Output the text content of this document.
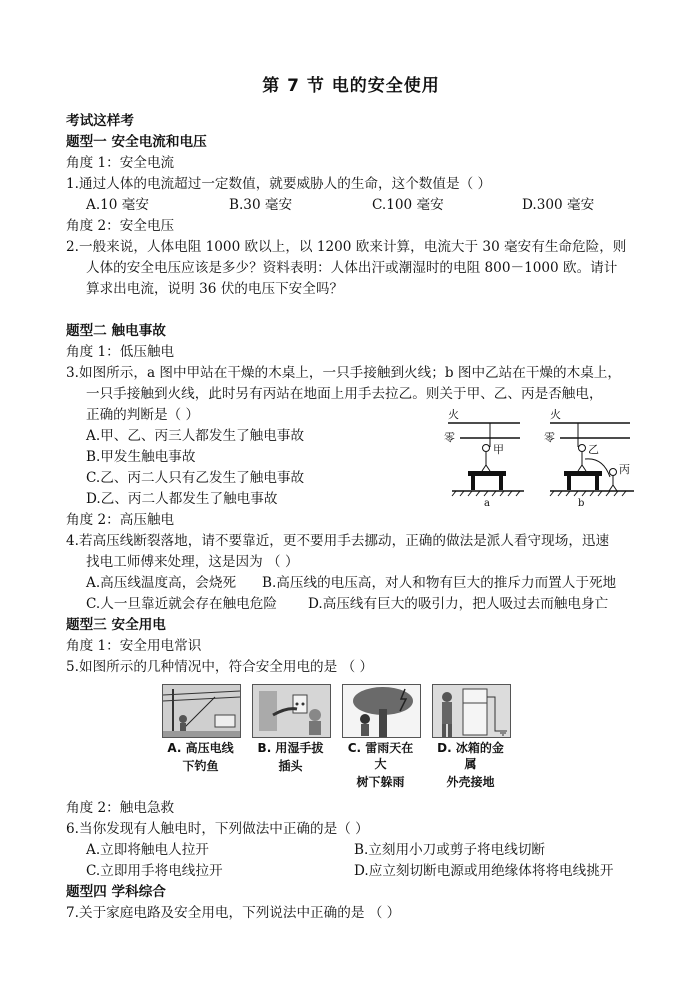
第 7 节 电的安全使用
考试这样考
题型一 安全电流和电压
角度 1：安全电流
1.通过人体的电流超过一定数值，就要威胁人的生命，这个数值是（ ）
A.10 毫安	B.30 毫安	C.100 毫安	D.300 毫安
角度 2：安全电压
2.一般来说，人体电阻 1000 欧以上，以 1200 欧来计算，电流大于 30 毫安有生命危险，则
人体的安全电压应该是多少？资料表明：人体出汗或潮湿时的电阻 800－1000 欧。请计
算求出电流，说明 36 伏的电压下安全吗？
题型二 触电事故
角度 1：低压触电
3.如图所示，a 图中甲站在干燥的木桌上，一只手接触到火线；b 图中乙站在干燥的木桌上，
一只手接触到火线，此时另有丙站在地面上用手去拉乙。则关于甲、乙、丙是否触电，
正确的判断是（ ）
A.甲、乙、丙三人都发生了触电事故
B.甲发生触电事故
C.乙、丙二人只有乙发生了触电事故
D.乙、丙二人都发生了触电事故
火
零
甲
a
火
零
乙
丙
b
角度 2：高压触电
4.若高压线断裂落地，请不要靠近，更不要用手去挪动，正确的做法是派人看守现场，迅速
找电工师傅来处理，这是因为 （ ）
A.高压线温度高，会烧死	B.高压线的电压高，对人和物有巨大的推斥力而置人于死地
C.人一旦靠近就会存在触电危险	D.高压线有巨大的吸引力，把人吸过去而触电身亡
题型三 安全用电
角度 1：安全用电常识
5.如图所示的几种情况中，符合安全用电的是 （ ）
A. 高压电线
下钓鱼
B. 用湿手拔
插头
C. 雷雨天在大
树下躲雨
D. 冰箱的金属
外壳接地
角度 2：触电急救
6.当你发现有人触电时，下列做法中正确的是（ ）
A.立即将触电人拉开	B.立刻用小刀或剪子将电线切断
C.立即用手将电线拉开	D.应立刻切断电源或用绝缘体将将电线挑开
题型四 学科综合
7.关于家庭电路及安全用电，下列说法中正确的是 （ ）
